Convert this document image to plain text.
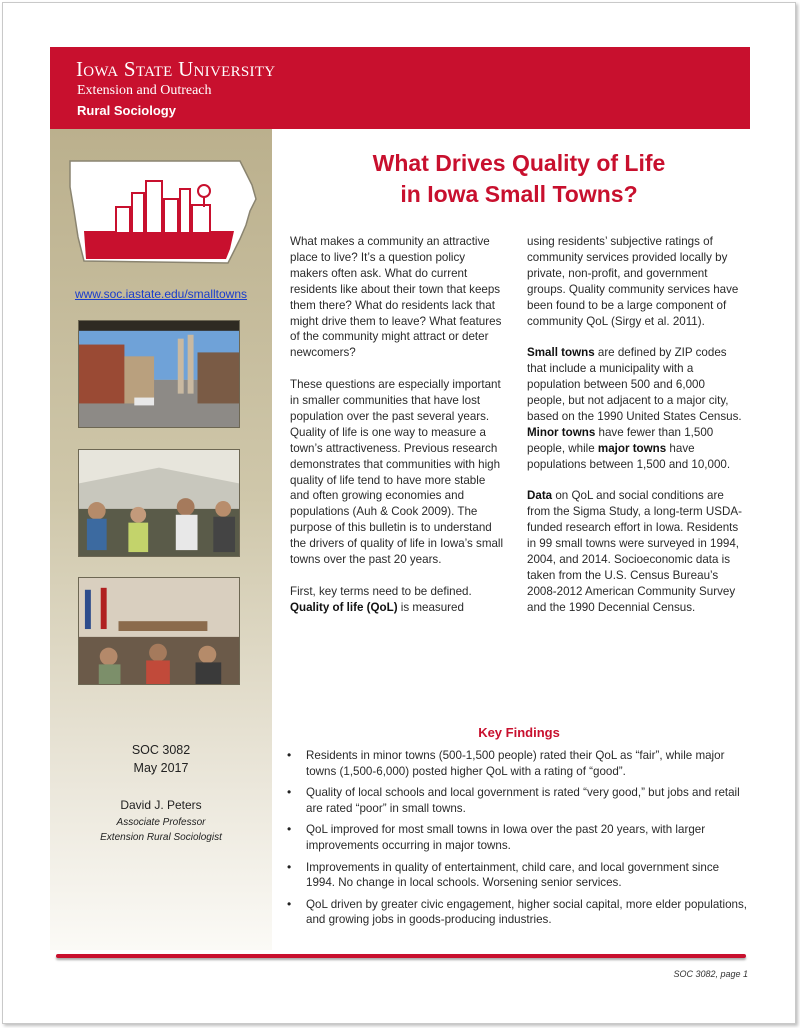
Iowa State University
Extension and Outreach
Rural Sociology
www.soc.iastate.edu/smalltowns
SOC 3082
May 2017
David J. Peters
Associate Professor
Extension Rural Sociologist
What Drives Quality of Life
in Iowa Small Towns?

What makes a community an attractive place to live? It’s a question policy makers often ask. What do current residents like about their town that keeps them there? What do residents lack that might drive them to leave? What features of the community might attract or deter newcomers?

These questions are especially important in smaller communities that have lost population over the past several years. Quality of life is one way to measure a town’s attractiveness. Previous research demonstrates that communities with high quality of life tend to have more stable and often growing economies and populations (Auh & Cook 2009). The purpose of this bulletin is to understand the drivers of quality of life in Iowa’s small towns over the past 20 years.

First, key terms need to be defined. Quality of life (QoL) is measured

using residents’ subjective ratings of community services provided locally by private, non-profit, and government groups. Quality community services have been found to be a large component of community QoL (Sirgy et al. 2011).

Small towns are defined by ZIP codes that include a municipality with a population between 500 and 6,000 people, but not adjacent to a major city, based on the 1990 United States Census. Minor towns have fewer than 1,500 people, while major towns have populations between 1,500 and 10,000.

Data on QoL and social conditions are from the Sigma Study, a long-term USDA-funded research effort in Iowa. Residents in 99 small towns were surveyed in 1994, 2004, and 2014. Socioeconomic data is taken from the U.S. Census Bureau’s 2008-2012 American Community Survey and the 1990 Decennial Census.

Key Findings
• Residents in minor towns (500-1,500 people) rated their QoL as “fair”, while major towns (1,500-6,000) posted higher QoL with a rating of “good”.
• Quality of local schools and local government is rated “very good,” but jobs and retail are rated “poor” in small towns.
• QoL improved for most small towns in Iowa over the past 20 years, with larger improvements occurring in major towns.
• Improvements in quality of entertainment, child care, and local government since 1994. No change in local schools. Worsening senior services.
• QoL driven by greater civic engagement, higher social capital, more elder populations, and growing jobs in goods-producing industries.
SOC 3082, page 1
